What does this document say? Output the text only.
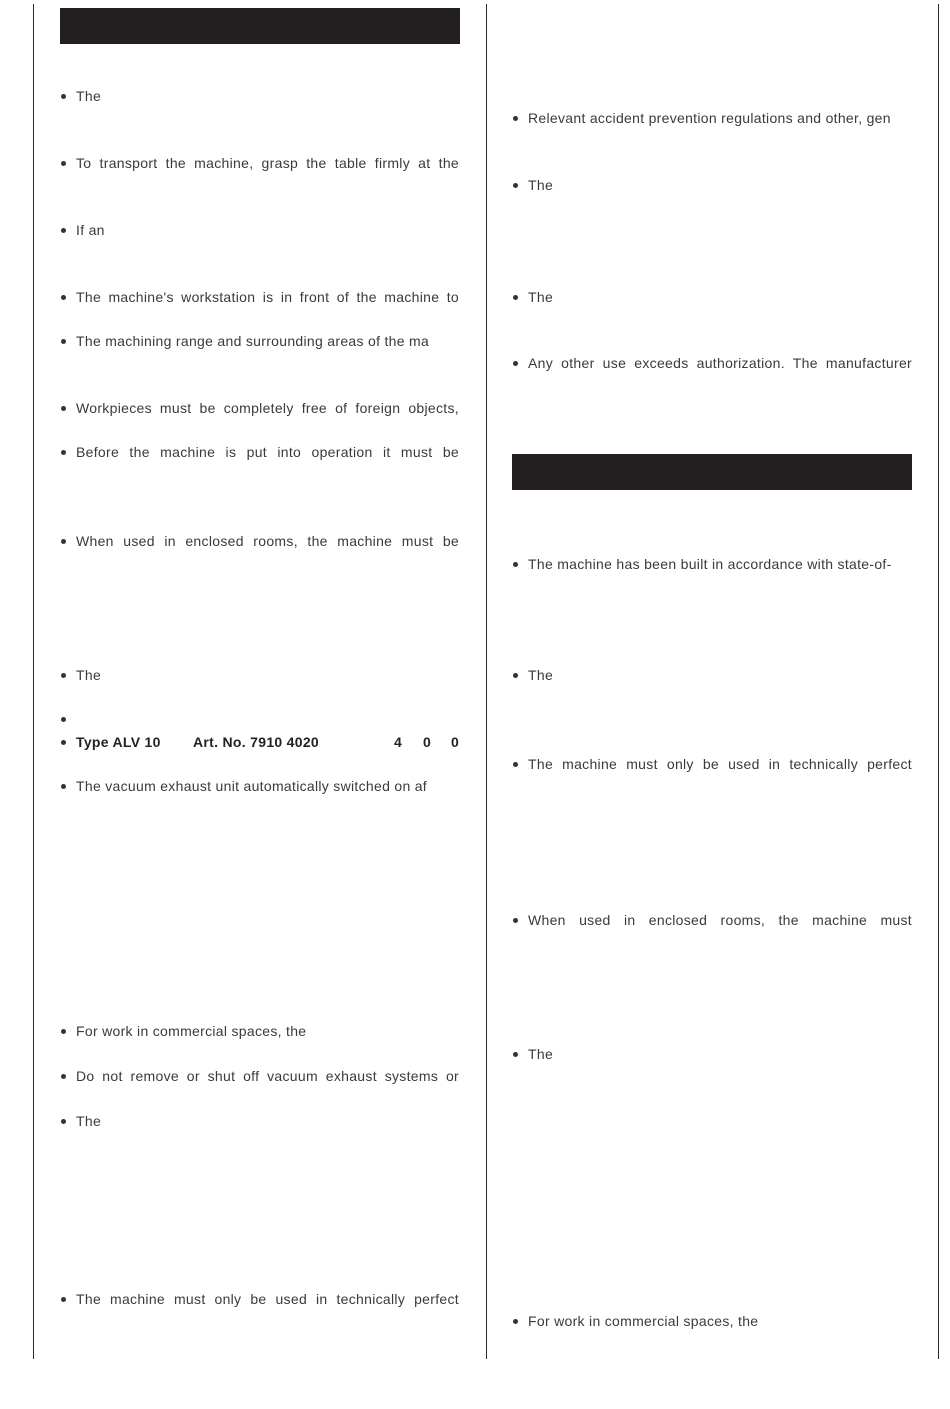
The
To transport the machine, grasp the table firmly at the
If an
The machine's workstation is in front of the machine to
The machining range and surrounding areas of the ma
Workpieces must be completely free of foreign objects,
Before the machine is put into operation it must be
When used in enclosed rooms, the machine must be
The
Type ALV 10 Art. No. 7910 4020	4 0 0
The vacuum exhaust unit automatically switched on af
For work in commercial spaces, the
Do not remove or shut off vacuum exhaust systems or
The
The machine must only be used in technically perfect
Relevant accident prevention regulations and other, gen
The
The
Any other use exceeds authorization. The manufacturer
The machine has been built in accordance with state-of-
The
The machine must only be used in technically perfect
When used in enclosed rooms, the machine must
The
For work in commercial spaces, the
